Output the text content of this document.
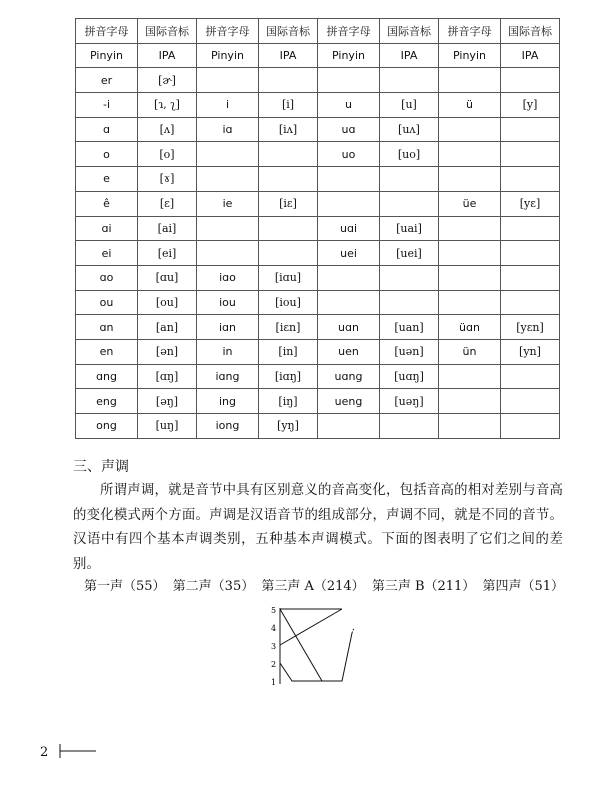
拼音字母	国际音标	拼音字母	国际音标	拼音字母	国际音标	拼音字母	国际音标
Pinyin	IPA	Pinyin	IPA	Pinyin	IPA	Pinyin	IPA
er	[ɚ]						
-i	[ɿ, ʅ]	i	[i]	u	[u]	ü	[y]
ɑ	[ʌ]	iɑ	[iʌ]	uɑ	[uʌ]		
o	[o]			uo	[uo]		
e	[ɤ]						
ê	[ɛ]	ie	[iɛ]			üe	[yɛ]
ɑi	[ai]			uɑi	[uai]		
ei	[ei]			uei	[uei]		
ɑo	[ɑu]	iɑo	[iɑu]				
ou	[ou]	iou	[iou]				
ɑn	[an]	iɑn	[iɛn]	uɑn	[uan]	üɑn	[yɛn]
en	[ən]	in	[in]	uen	[uən]	ün	[yn]
ɑng	[ɑŋ]	iɑng	[iɑŋ]	uɑng	[uɑŋ]		
eng	[əŋ]	ing	[iŋ]	ueng	[uəŋ]		
ong	[uŋ]	iong	[yŋ]				
三、声调
所谓声调，就是音节中具有区别意义的音高变化，包括音高的相对差别与音高的变化模式两个方面。声调是汉语音节的组成部分，声调不同，就是不同的音节。汉语中有四个基本声调类别，五种基本声调模式。下面的图表明了它们之间的差别。
第一声（55） 第二声（35） 第三声 A（214） 第三声 B（211） 第四声（51）
5
4
3
2
1
2
